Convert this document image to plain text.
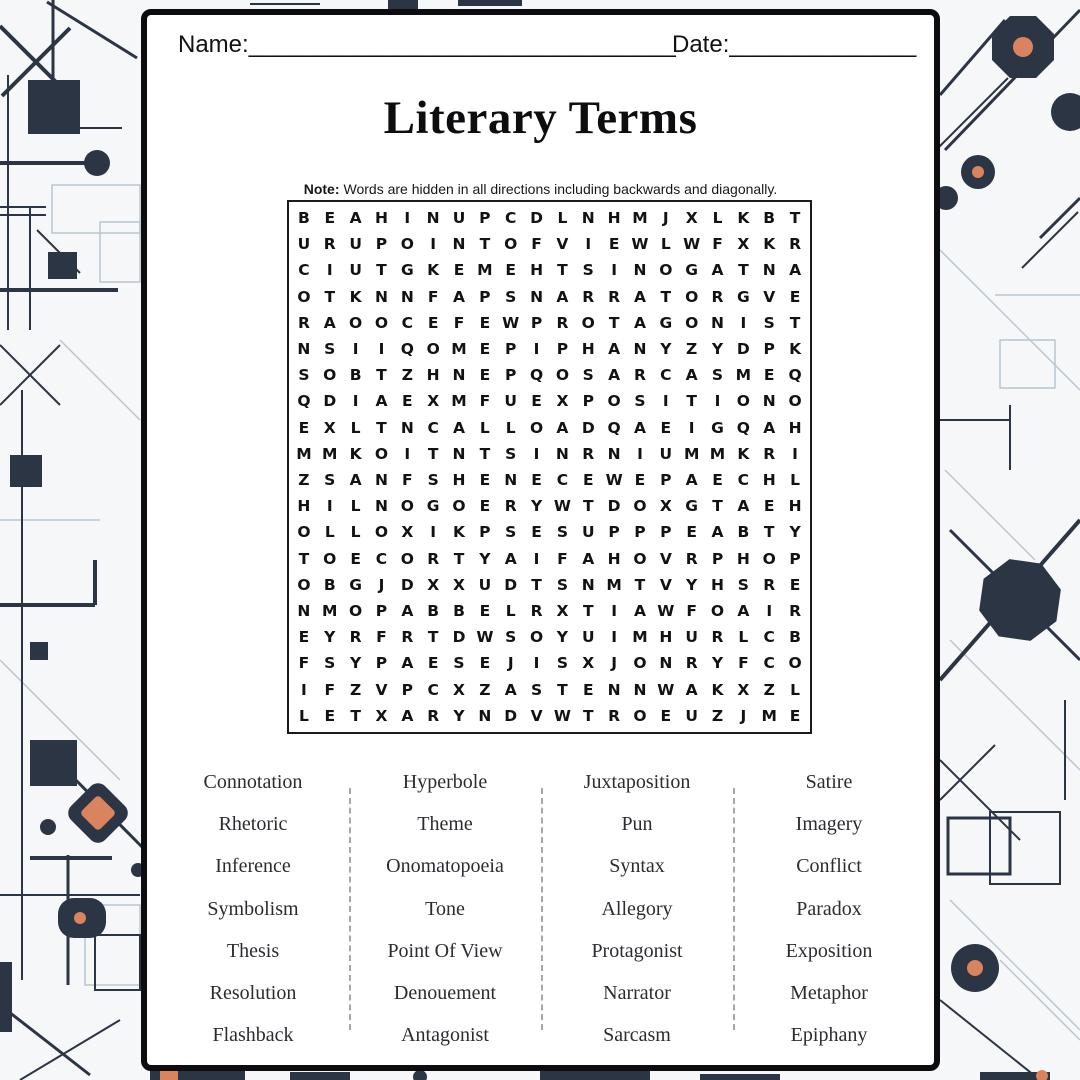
Name:________________________________
Date:______________
Literary Terms
Note: Words are hidden in all directions including backwards and diagonally.
B E A H	I	N U P C D L N H M J	X L K B T
U R U P O	I	N T O F V	I	E W L W F X K R
C	I	U T G K E M E H T S	I	N O G A T N A
O T K N N F A P S N A R R A T O R G V E
R A O O C E F E W P R O T A G O N	I	S T
N S	I	I	Q O M E P	I	P H A N Y Z Y D P K
S O B T Z H N E P Q O S A R C A S M E Q
Q D	I	A E X M F U E X P O S	I	T	I	O N O
E X L	T N C A L	L O A D Q A E	I	G Q A H
M M K O	I	T N T S	I	N R N	I	U M M K R	I
Z S A N F S H E N E C E W E P A E C H L
H	I	L N O G O E R Y W T D O X G T A E H
O L	L O X	I	K P S E S U P P P E A B T Y
T O E C O R T Y A	I	F A H O V R P H O P
O B G	J	D X X U D T S N M T V Y H S R E
N M O P A B B E	L R X T	I	A W F O A	I	R
E Y R F R T D W S O Y U	I M H U R L C B
F S Y P A E S E	J	I	S X	J	O N R Y F C O
I	F Z V P C X Z A S T E N N W A K X Z L
L	E T X A R Y N D V W T R O E U Z	J M E
Connotation	Hyperbole	Juxtaposition	Satire
Rhetoric	Theme	Pun	Imagery
Inference	Onomatopoeia	Syntax	Conflict
Symbolism	Tone	Allegory	Paradox
Thesis	Point Of View	Protagonist	Exposition
Resolution	Denouement	Narrator	Metaphor
Flashback	Antagonist	Sarcasm	Epiphany
